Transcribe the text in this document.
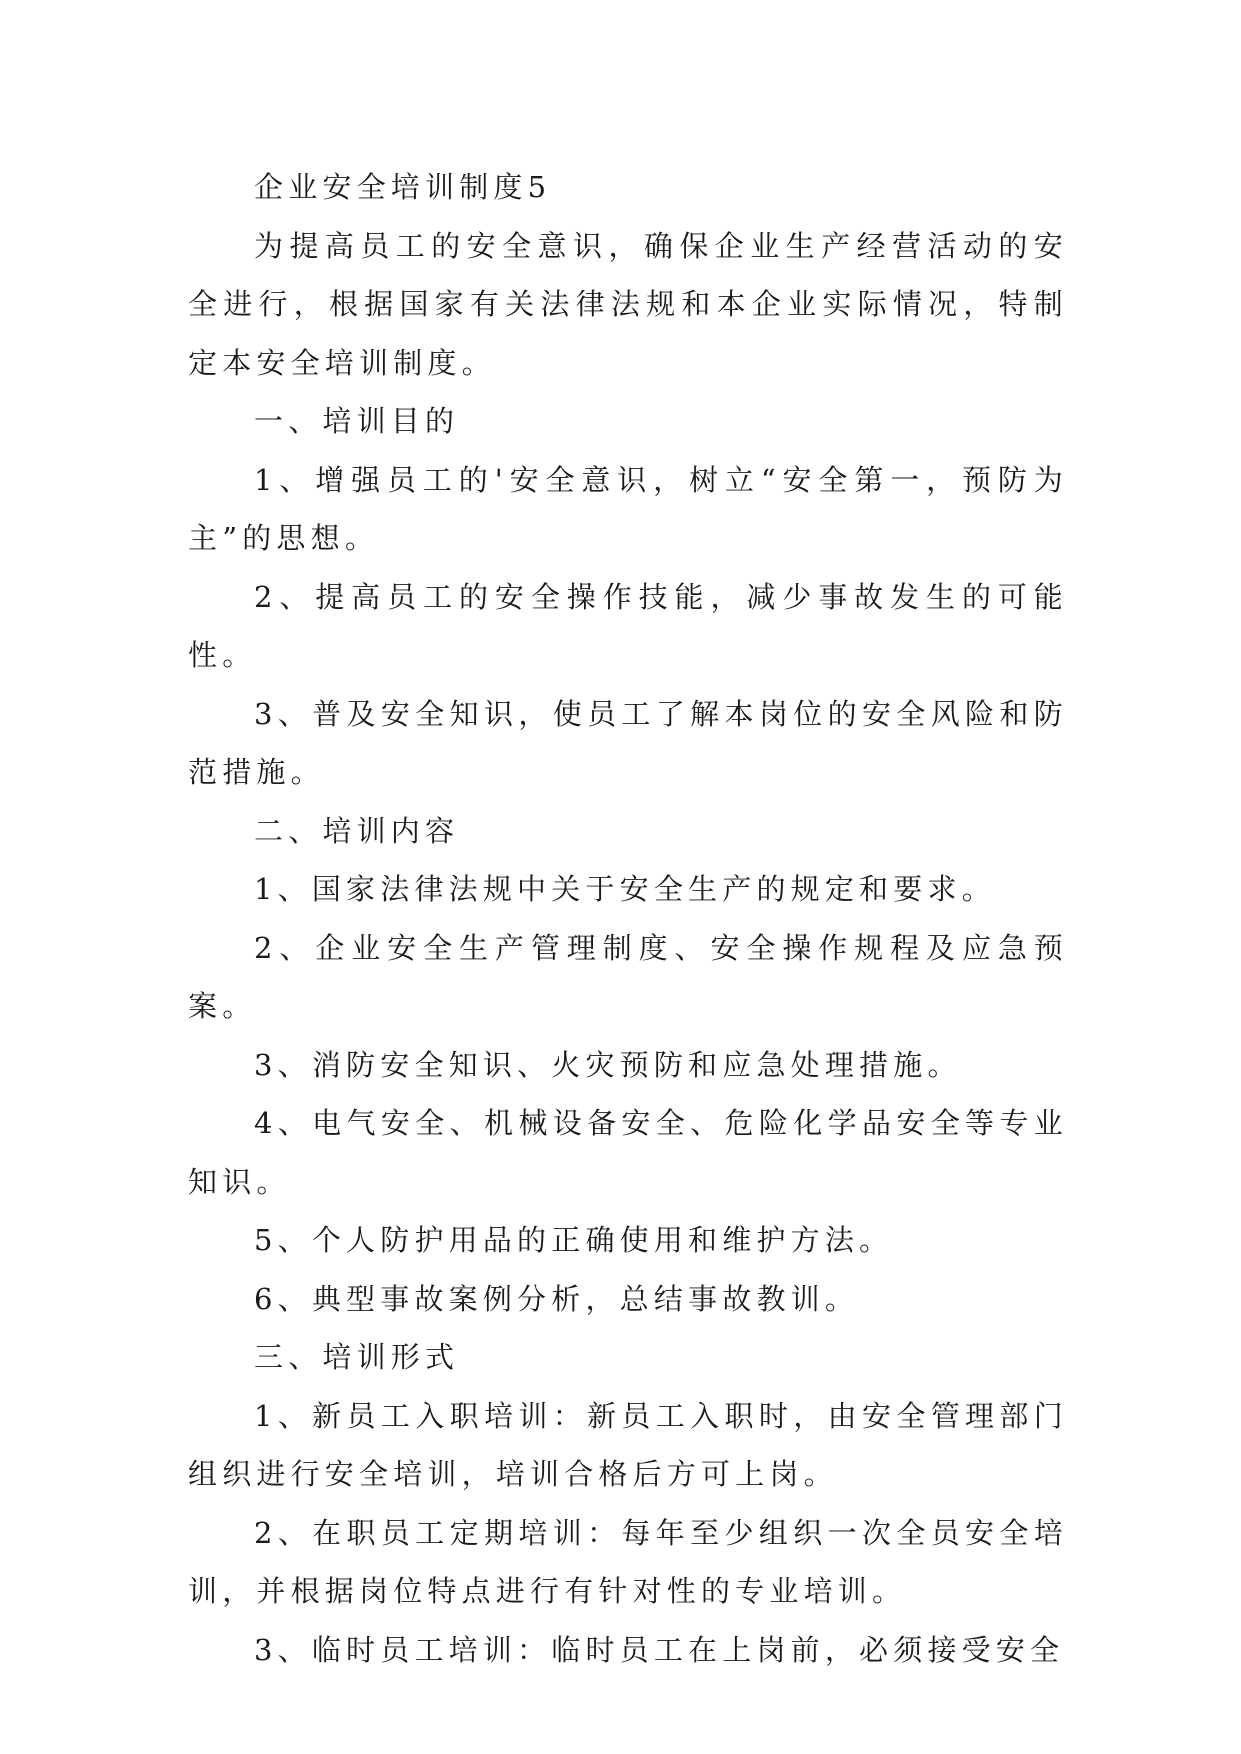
企业安全培训制度5

为提高员工的安全意识，确保企业生产经营活动的安全进行，根据国家有关法律法规和本企业实际情况，特制定本安全培训制度。

一、培训目的

1、增强员工的'安全意识，树立“安全第一，预防为主”的思想。

2、提高员工的安全操作技能，减少事故发生的可能性。

3、普及安全知识，使员工了解本岗位的安全风险和防范措施。

二、培训内容

1、国家法律法规中关于安全生产的规定和要求。

2、企业安全生产管理制度、安全操作规程及应急预案。

3、消防安全知识、火灾预防和应急处理措施。

4、电气安全、机械设备安全、危险化学品安全等专业知识。

5、个人防护用品的正确使用和维护方法。

6、典型事故案例分析，总结事故教训。

三、培训形式

1、新员工入职培训：新员工入职时，由安全管理部门组织进行安全培训，培训合格后方可上岗。

2、在职员工定期培训：每年至少组织一次全员安全培训，并根据岗位特点进行有针对性的专业培训。

3、临时员工培训：临时员工在上岗前，必须接受安全
